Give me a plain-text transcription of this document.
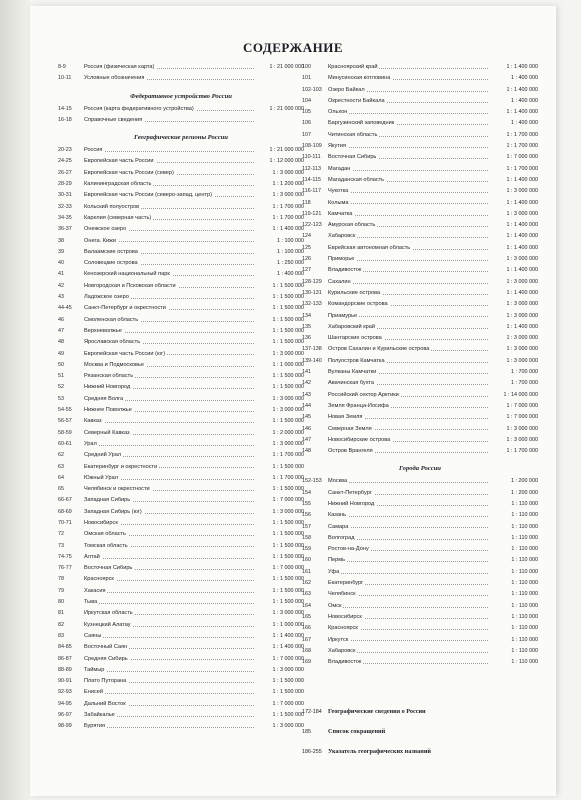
СОДЕРЖАНИЕ
8-9	Россия (физическая карта)	1 : 21 000 000
10-11	Условные обозначения
Федеративное устройство России
14-15	Россия (карта федеративного устройства)	1 : 21 000 000
16-18	Справочные сведения
Географические регионы России
20-23	Россия	1 : 21 000 000
24-25	Европейская часть России	1 : 12 000 000
26-27	Европейская часть России (север)	1 : 3 000 000
28-29	Калининградская область	1 : 1 200 000
30-31	Европейская часть России (северо-запад, центр)	1 : 3 000 000
32-33	Кольский полуостров	1 : 1 700 000
34-35	Карелия (северная часть)	1 : 1 700 000
36-37	Онежское озеро	1 : 1 400 000
38	Онега. Кижи	1 : 100 000
39	Валаамские острова	1 : 100 000
40	Соловецкие острова	1 : 250 000
41	Кенозерский национальный парк	1 : 400 000
42	Новгородская и Псковская области	1 : 1 500 000
43	Ладожское озеро	1 : 1 500 000
44-45	Санкт-Петербург и окрестности	1 : 1 500 000
46	Смоленская область	1 : 1 500 000
47	Верхневолжье	1 : 1 500 000
48	Ярославская область	1 : 1 500 000
49	Европейская часть России (юг)	1 : 3 000 000
50	Москва и Подмосковье	1 : 1 000 000
51	Рязанская область	1 : 1 500 000
52	Нижний Новгород	1 : 1 500 000
53	Средняя Волга	1 : 3 000 000
54-55	Нижнее Поволжье	1 : 3 000 000
56-57	Кавказ	1 : 1 500 000
58-59	Северный Кавказ	1 : 2 000 000
60-61	Урал	1 : 3 000 000
62	Средний Урал	1 : 1 700 000
63	Екатеринбург и окрестности	1 : 1 500 000
64	Южный Урал	1 : 1 700 000
65	Челябинск и окрестности	1 : 1 500 000
66-67	Западная Сибирь	1 : 7 000 000
68-69	Западная Сибирь (юг)	1 : 3 000 000
70-71	Новосибирск	1 : 1 500 000
72	Омская область	1 : 1 500 000
73	Томская область	1 : 1 500 000
74-75	Алтай	1 : 1 500 000
76-77	Восточная Сибирь	1 : 7 000 000
78	Красноярск	1 : 1 500 000
79	Хакасия	1 : 1 500 000
80	Тыва	1 : 1 500 000
81	Иркутская область	1 : 3 000 000
82	Кузнецкий Алатау	1 : 1 000 000
83	Саяны	1 : 1 400 000
84-85	Восточный Саян	1 : 1 400 000
86-87	Средняя Сибирь	1 : 7 000 000
88-89	Таймыр	1 : 3 000 000
90-91	Плато Путорана	1 : 1 500 000
92-93	Енисей	1 : 1 500 000
94-95	Дальний Восток	1 : 7 000 000
96-97	Забайкалье	1 : 1 500 000
98-99	Бурятия	1 : 3 000 000
100	Красноярский край	1 : 1 400 000
101	Минусинская котловина	1 : 400 000
102-103	Озеро Байкал	1 : 1 400 000
104	Окрестности Байкала	1 : 400 000
105	Ольхон	1 : 1 400 000
106	Баргузинский заповедник	1 : 400 000
107	Читинская область	1 : 1 700 000
108-109	Якутия	1 : 1 700 000
110-111	Восточная Сибирь	1 : 7 000 000
112-113	Магадан	1 : 1 700 000
114-115	Магаданская область	1 : 1 400 000
116-117	Чукотка	1 : 3 000 000
118	Колыма	1 : 1 400 000
119-121	Камчатка	1 : 3 000 000
122-123	Амурская область	1 : 1 400 000
124	Хабаровск	1 : 1 400 000
125	Еврейская автономная область	1 : 1 400 000
126	Приморье	1 : 3 000 000
127	Владивосток	1 : 1 400 000
128-129	Сахалин	1 : 3 000 000
130-131	Курильские острова	1 : 1 400 000
132-133	Командорские острова	1 : 3 000 000
134	Приамурье	1 : 3 000 000
135	Хабаровский край	1 : 1 400 000
136	Шантарские острова	1 : 3 000 000
137-138	Остров Сахалин и Курильские острова	1 : 3 000 000
139-140	Полуостров Камчатка	1 : 3 000 000
141	Вулканы Камчатки	1 : 700 000
142	Авачинская бухта	1 : 700 000
143	Российский сектор Арктики	1 : 14 000 000
144	Земля Франца-Иосифа	1 : 7 000 000
145	Новая Земля	1 : 7 000 000
146	Северная Земля	1 : 3 000 000
147	Новосибирские острова	1 : 3 000 000
148	Остров Врангеля	1 : 1 700 000
Города России
152-153	Москва	1 : 200 000
154	Санкт-Петербург	1 : 200 000
155	Нижний Новгород	1 : 110 000
156	Казань	1 : 110 000
157	Самара	1 : 110 000
158	Волгоград	1 : 110 000
159	Ростов-на-Дону	1 : 110 000
160	Пермь	1 : 110 000
161	Уфа	1 : 110 000
162	Екатеринбург	1 : 110 000
163	Челябинск	1 : 110 000
164	Омск	1 : 110 000
165	Новосибирск	1 : 110 000
166	Красноярск	1 : 110 000
167	Иркутск	1 : 110 000
168	Хабаровск	1 : 110 000
169	Владивосток	1 : 110 000
172-184	Географические сведения о России
185	Список сокращений
186-255	Указатель географических названий
